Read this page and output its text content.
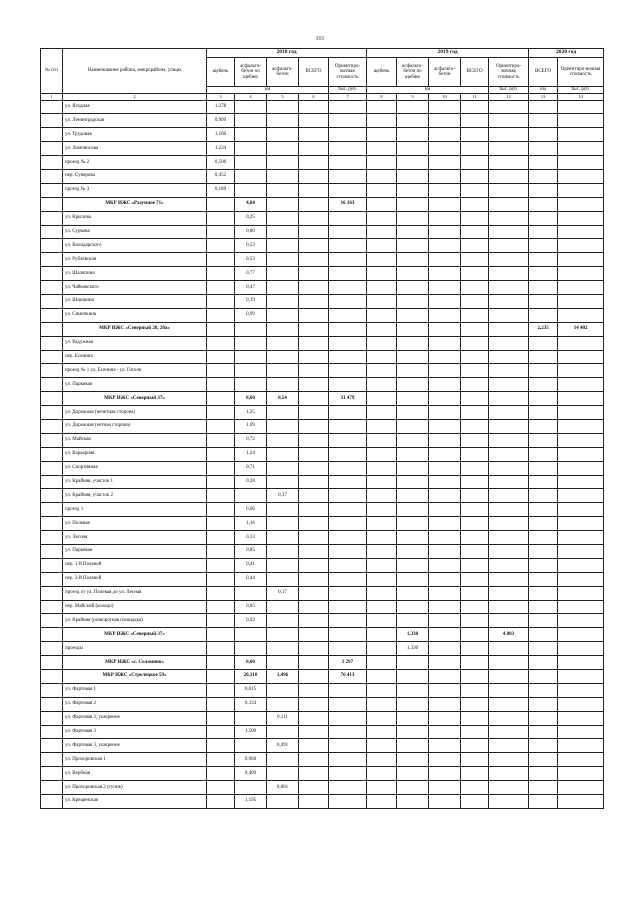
101
№ п/п	Наименование района, микрорайона, улицы	2018 год					2019 год					2020 год	
		щебень	асфальто-бетон по щебню	асфальто-бетон	ВСЕГО	Ориентиро-вочная стоимость	щебень	асфальто-бетон по щебню	асфальто-бетон	ВСЕГО	Ориентиро-вочная стоимость	ВСЕГО	Ориентиро-вочная стоимость
		км				тыс. руб.	км				тыс. руб.	км	тыс. руб.
1	2	3	4	5	6	7	8	9	10	11	12	13	14
	ул. Ягодная	1,278											
	ул. Ленинградская	0,909											
	ул. Трудовая	1,160											
	ул. Ломоносова	1,234											
	проезд № 2	0,506											
	пер. Суворова	0,452											
	проезд № 3	0,189											
	МКР ИЖС «Разумное 71»		4,84			16 163							
	ул. Крылова		0,25										
	ул. Суркова		0,80										
	ул. Володарского		0,53										
	ул. Рублевская		0,53										
	ул. Шаляпина		0,77										
	ул. Чайковского		0,47										
	ул. Шишкина		0,19										
	ул. Синичкина		0,99										
	МКР ИЖС «Северный 20, 20а»											2,235	14 402
	ул. Радужная												
	пер. Есенина												
	проезд № 1 ул. Есенина - ул. Гоголя												
	ул. Парковая												
	МКР ИЖС «Северный 37»		8,60	0,54		31 479							
	ул. Дорожная (нечетная сторона)		1,25										
	ул. Дорожная (четная сторона)		1,09										
	ул. Майская		0,72										
	ул. Карьерная		1,24										
	ул. Спортивная		0,71										
	ул. Крайняя, участок 1		0,28										
	ул. Крайняя, участок 2			0,37									
	проезд 1		0,06										
	ул. Полевая		1,16										
	ул. Лесная		0,33										
	ул. Парковая		0,85										
	пер. 1-й Полевой		0,41										
	пер. 2-й Полевой		0,44										
	проезд от ул. Полевая до ул. Лесная			0,17									
	пер. Майский (кольцо)		0,05										
	ул. Крайняя (разворотная площадка)		0,02										
	МКР ИЖС «Северный 37»							1,330			4 803		
	проезды							1,330					
	МКР ИЖС «с. Соломино»		0,60			1 297							
	МКР ИЖС «Стрелецкое 59»		20,310	1,496		76 413							
	ул. Фартовая 1		0,615										
	ул. Фартовая 2		0,334										
	ул. Фартовая 2, уширение			0,111									
	ул. Фартовая 3		1,500										
	ул. Фартовая 3, уширение			0,491									
	ул. Прохоровская 1		0,960										
	ул. Вербная		0,409										
	ул. Прохоровская 2 (тупик)			0,061									
	ул. Крещенская		1,195										
